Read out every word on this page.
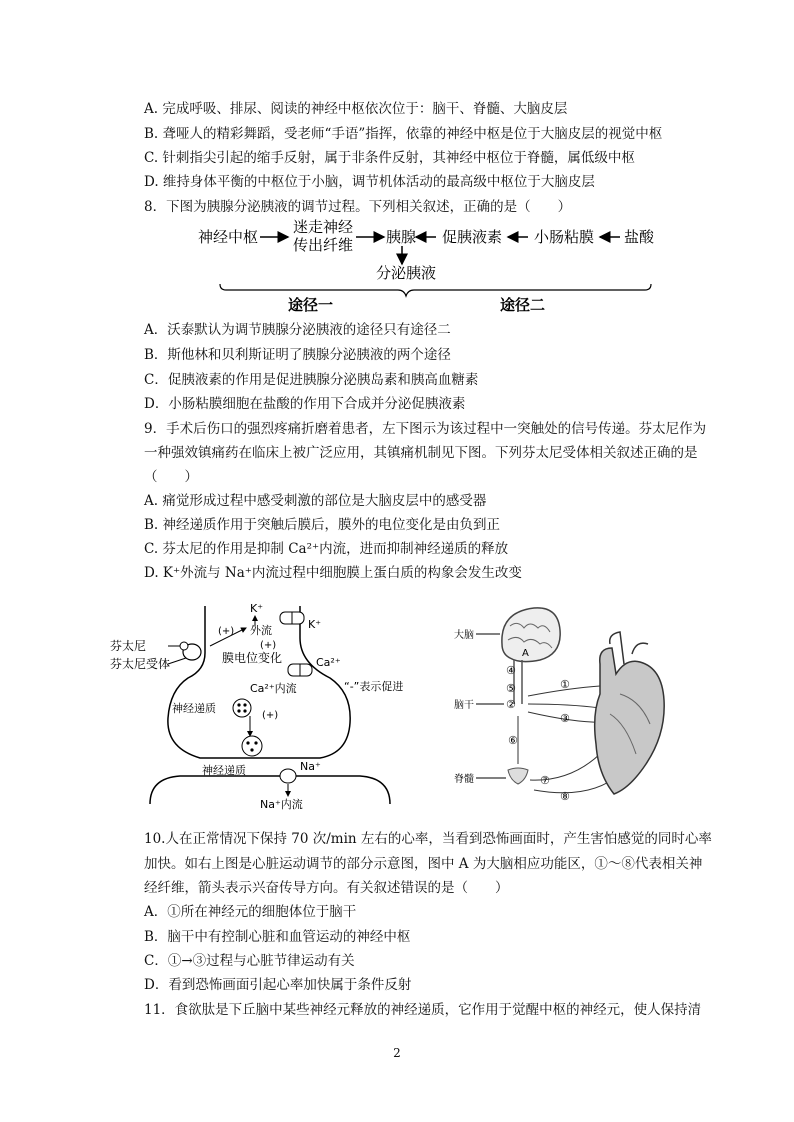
A. 完成呼吸、排尿、阅读的神经中枢依次位于：脑干、脊髓、大脑皮层
B. 聋哑人的精彩舞蹈，受老师“手语”指挥，依靠的神经中枢是位于大脑皮层的视觉中枢
C. 针刺指尖引起的缩手反射，属于非条件反射，其神经中枢位于脊髓，属低级中枢
D. 维持身体平衡的中枢位于小脑，调节机体活动的最高级中枢位于大脑皮层
8．下图为胰腺分泌胰液的调节过程。下列相关叙述，正确的是（　　）
神经中枢
迷走神经
传出纤维 胰腺 促胰液素 小肠粘膜 盐酸
分泌胰液
途径一	途径二
A．沃泰默认为调节胰腺分泌胰液的途径只有途径二
B．斯他林和贝利斯证明了胰腺分泌胰液的两个途径
C．促胰液素的作用是促进胰腺分泌胰岛素和胰高血糖素
D．小肠粘膜细胞在盐酸的作用下合成并分泌促胰液素
9．手术后伤口的强烈疼痛折磨着患者，左下图示为该过程中一突触处的信号传递。芬太尼作为
一种强效镇痛药在临床上被广泛应用，其镇痛机制见下图。下列芬太尼受体相关叙述正确的是
（　　）
A. 痛觉形成过程中感受刺激的部位是大脑皮层中的感受器
B. 神经递质作用于突触后膜后，膜外的电位变化是由负到正
C. 芬太尼的作用是抑制 Ca²⁺内流，进而抑制神经递质的释放
D. K⁺外流与 Na⁺内流过程中细胞膜上蛋白质的构象会发生改变
芬太尼
芬太尼受体
K⁺
(+) 外流	K⁺
(+)
膜电位变化	Ca²⁺
Ca²⁺内流	“-”表示促进
神经递质
(+)
神经递质	Na⁺
Na⁺内流
大脑
A
④
⑤
②
脑干
⑥
脊髓	⑦
⑧
①
③
10.人在正常情况下保持 70 次/min 左右的心率，当看到恐怖画面时，产生害怕感觉的同时心率
加快。如右上图是心脏运动调节的部分示意图，图中 A 为大脑相应功能区，①～⑧代表相关神
经纤维，箭头表示兴奋传导方向。有关叙述错误的是（　　）
A．①所在神经元的细胞体位于脑干
B．脑干中有控制心脏和血管运动的神经中枢
C．①→③过程与心脏节律运动有关
D．看到恐怖画面引起心率加快属于条件反射
11．食欲肽是下丘脑中某些神经元释放的神经递质，它作用于觉醒中枢的神经元，使人保持清
2
